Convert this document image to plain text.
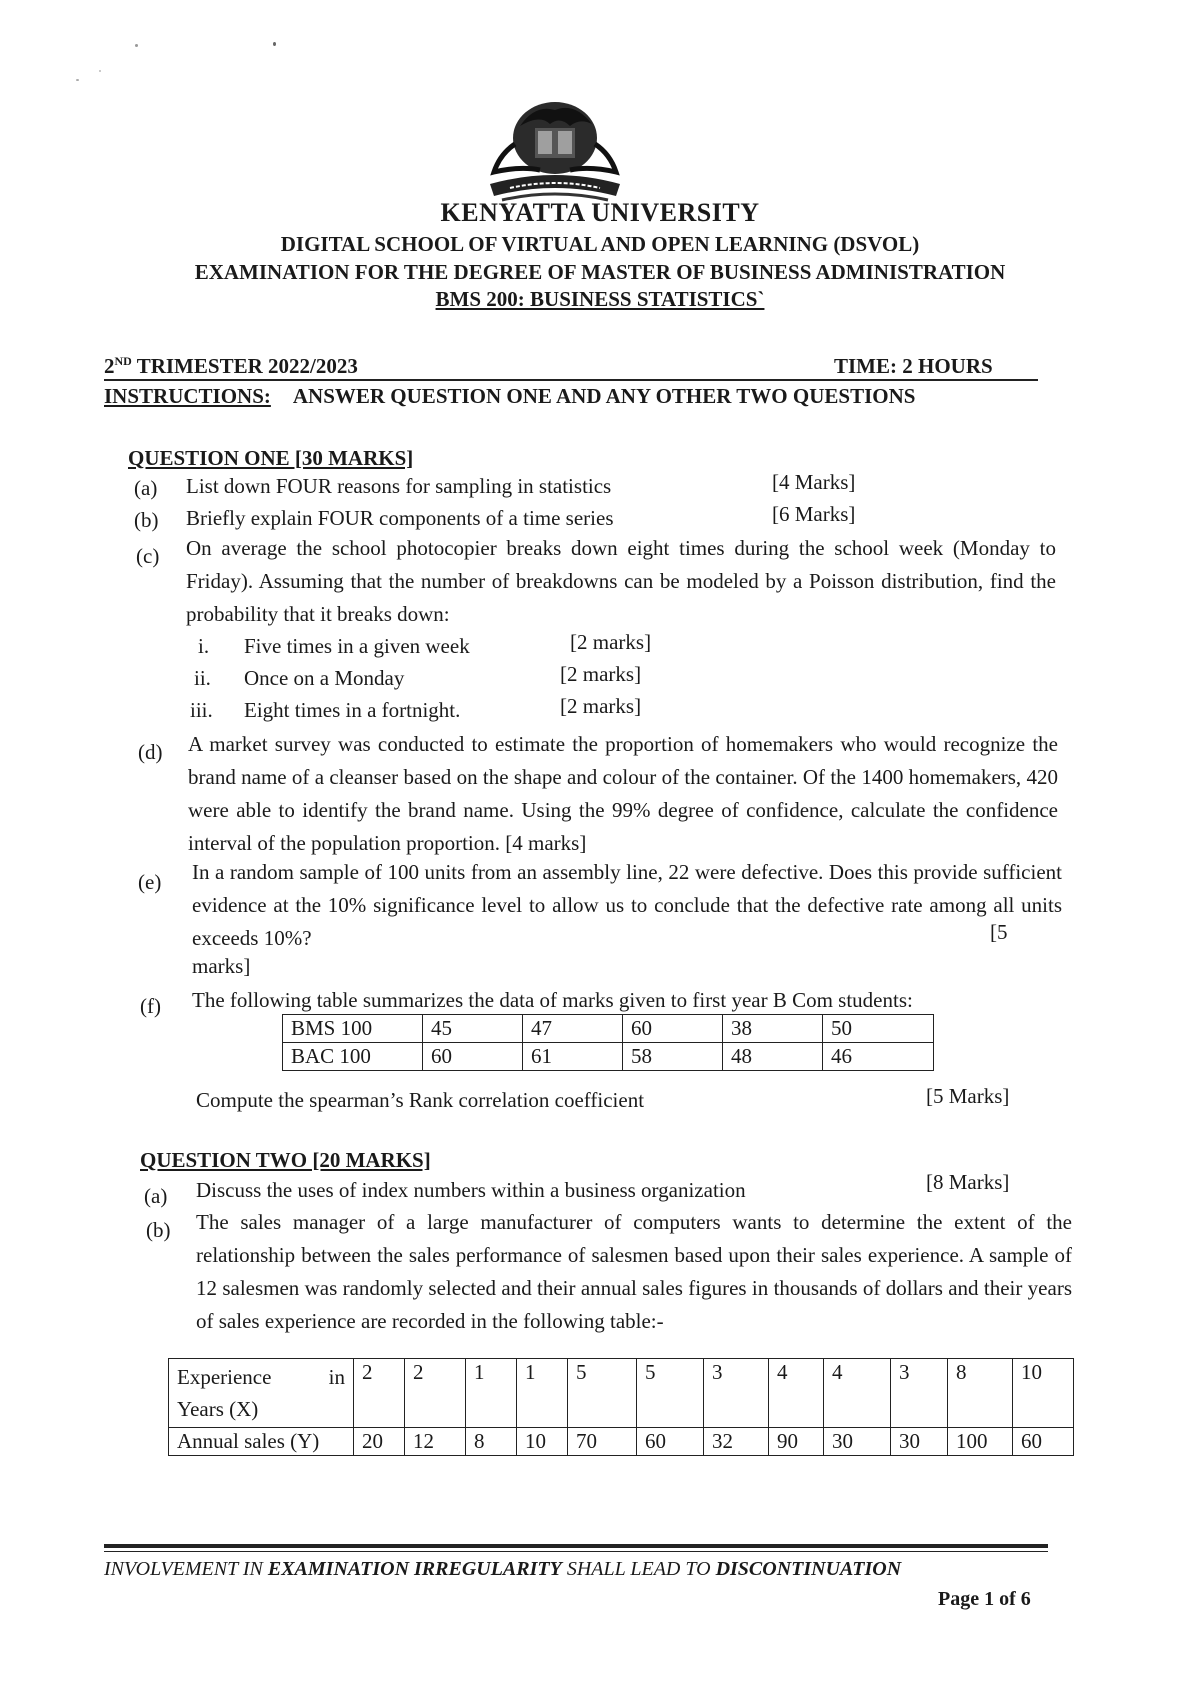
KENYATTA UNIVERSITY
DIGITAL SCHOOL OF VIRTUAL AND OPEN LEARNING (DSVOL)
EXAMINATION FOR THE DEGREE OF MASTER OF BUSINESS ADMINISTRATION
BMS 200: BUSINESS STATISTICS`
2ND TRIMESTER 2022/2023	TIME: 2 HOURS
INSTRUCTIONS: ANSWER QUESTION ONE AND ANY OTHER TWO QUESTIONS
QUESTION ONE [30 MARKS]
(a) List down FOUR reasons for sampling in statistics	[4 Marks]
(b) Briefly explain FOUR components of a time series	[6 Marks]
(c) On average the school photocopier breaks down eight times during the school week (Monday to Friday). Assuming that the number of breakdowns can be modeled by a Poisson distribution, find the probability that it breaks down:
i. Five times in a given week	[2 marks]
ii. Once on a Monday	[2 marks]
iii. Eight times in a fortnight.	[2 marks]
(d) A market survey was conducted to estimate the proportion of homemakers who would recognize the brand name of a cleanser based on the shape and colour of the container. Of the 1400 homemakers, 420 were able to identify the brand name. Using the 99% degree of confidence, calculate the confidence interval of the population proportion. [4 marks]
(e) In a random sample of 100 units from an assembly line, 22 were defective. Does this provide sufficient evidence at the 10% significance level to allow us to conclude that the defective rate among all units exceeds 10%?	[5
marks]
(f) The following table summarizes the data of marks given to first year B Com students:
BMS 100	45	47	60	38	50
BAC 100	60	61	58	48	46
Compute the spearman’s Rank correlation coefficient	[5 Marks]
QUESTION TWO [20 MARKS]
(a) Discuss the uses of index numbers within a business organization	[8 Marks]
(b) The sales manager of a large manufacturer of computers wants to determine the extent of the relationship between the sales performance of salesmen based upon their sales experience. A sample of 12 salesmen was randomly selected and their annual sales figures in thousands of dollars and their years of sales experience are recorded in the following table:-
Experience in
Years (X)	2	2	1	1	5	5	3	4	4	3	8	10
Annual sales (Y)	20	12	8	10	70	60	32	90	30	30	100	60
INVOLVEMENT IN EXAMINATION IRREGULARITY SHALL LEAD TO DISCONTINUATION
Page 1 of 6
